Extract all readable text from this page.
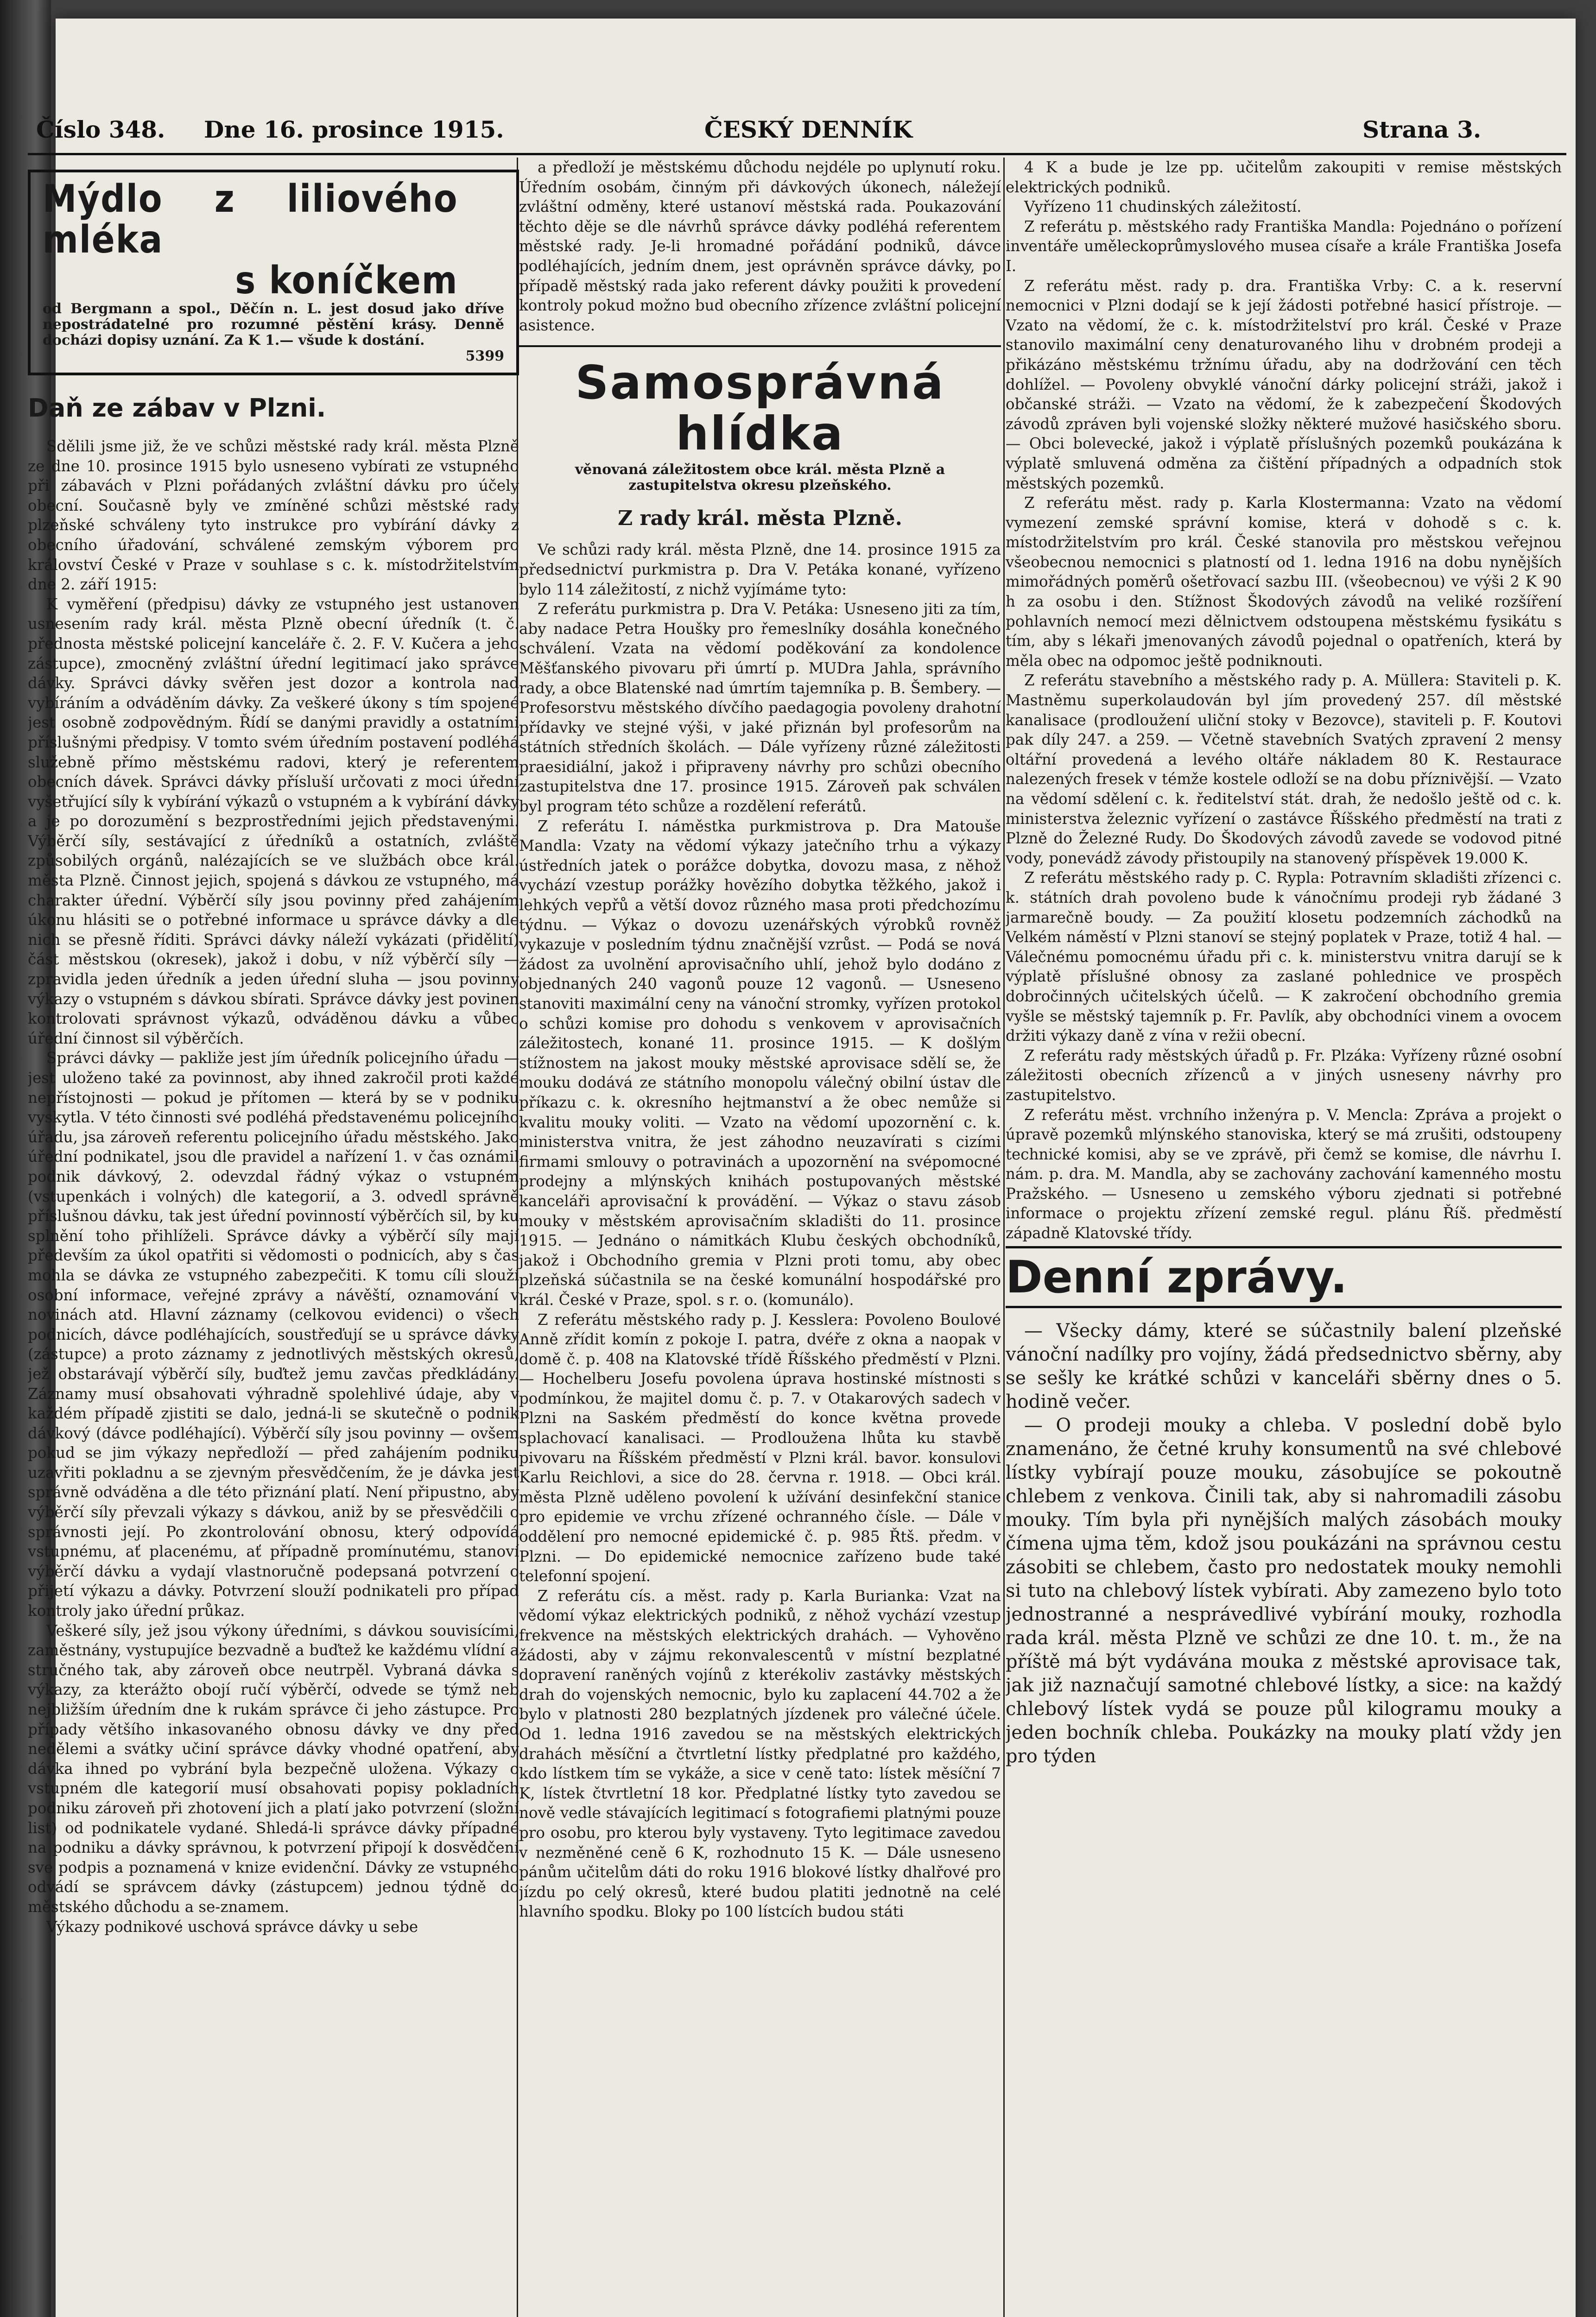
Číslo 348. Dne 16. prosince 1915.	ČESKÝ DENNÍK	Strana 3.
Mýdlo z liliového mléka
s koníčkem
od Bergmann a spol., Děčín n. L. jest dosud jako dříve nepostrádatelné pro rozumné pěstění krásy. Denně docházi dopisy uznání. Za K 1.— všude k dostání.
5399
Daň ze zábav v Plzni.

Sdělili jsme již, že ve schůzi městské rady král. města Plzně ze dne 10. prosince 1915 bylo usneseno vybírati ze vstupného při zábavách v Plzni pořádaných zvláštní dávku pro účely obecní. Současně byly ve zmíněné schůzi městské rady plzeňské schváleny tyto instrukce pro vybírání dávky z obecního úřadování, schválené zemským výborem pro království České v Praze v souhlase s c. k. místodržitelstvím dne 2. září 1915:

K vyměření (předpisu) dávky ze vstupného jest ustanoven usnesením rady král. města Plzně obecní úředník (t. č. přednosta městské policejní kanceláře č. 2. F. V. Kučera a jeho zástupce), zmocněný zvláštní úřední legitimací jako správce dávky. Správci dávky svěřen jest dozor a kontrola nad vybíráním a odváděním dávky. Za veškeré úkony s tím spojené jest osobně zodpovědným. Řídí se danými pravidly a ostatními příslušnými předpisy. V tomto svém úředním postavení podléhá služebně přímo městskému radovi, který je referentem obecních dávek. Správci dávky přísluší určovati z moci úřední vyšetřující síly k vybírání výkazů o vstupném a k vybírání dávky a je po dorozumění s bezprostředními jejich představenými. Výběrčí síly, sestávající z úředníků a ostatních, zvláště způsobilých orgánů, nalézajících se ve službách obce král. města Plzně. Činnost jejich, spojená s dávkou ze vstupného, má charakter úřední. Výběrčí síly jsou povinny před zahájením úkonu hlásiti se o potřebné informace u správce dávky a dle nich se přesně říditi. Správci dávky náleží vykázati (přidělití) část městskou (okresek), jakož i dobu, v níž výběrčí síly — zpravidla jeden úředník a jeden úřední sluha — jsou povinny výkazy o vstupném s dávkou sbírati. Správce dávky jest povinen kontrolovati správnost výkazů, odváděnou dávku a vůbec úřední činnost sil výběrčích.

Správci dávky — pakliže jest jím úředník policejního úřadu — jest uloženo také za povinnost, aby ihned zakročil proti každé nepřístojnosti — pokud je přítomen — která by se v podniku vyskytla. V této činnosti své podléhá představenému policejního úřadu, jsa zároveň referentu policejního úřadu městského. Jako úřední podnikatel, jsou dle pravidel a nařízení 1. v čas oznámil podnik dávkový, 2. odevzdal řádný výkaz o vstupném (vstupenkách i volných) dle kategorií, a 3. odvedl správně příslušnou dávku, tak jest úřední povinností výběrčích sil, by ku splnění toho přihlíželi. Správce dávky a výběrčí síly mají především za úkol opatřiti si vědomosti o podnicích, aby s čas mohla se dávka ze vstupného zabezpečiti. K tomu cíli slouží osobní informace, veřejné zprávy a návěští, oznamování v novinách atd. Hlavní záznamy (celkovou evidenci) o všech podnicích, dávce podléhajících, soustřeďují se u správce dávky (zástupce) a proto záznamy z jednotlivých městských okresů, jež obstarávají výběrčí síly, buďtež jemu zavčas předkládány. Záznamy musí obsahovati výhradně spolehlivé údaje, aby v každém případě zjistiti se dalo, jedná-li se skutečně o podnik dávkový (dávce podléhající). Výběrčí síly jsou povinny — ovšem pokud se jim výkazy nepředloží — před zahájením podniku uzavřiti pokladnu a se zjevným přesvědčením, že je dávka jest správně odváděna a dle této přiznání platí. Není připustno, aby výběrčí síly převzali výkazy s dávkou, aniž by se přesvědčili o správnosti její. Po zkontrolování obnosu, který odpovídá vstupnému, ať placenému, ať případně promínutému, stanoví výběrčí dávku a vydají vlastnoručně podepsaná potvrzení o přijetí výkazu a dávky. Potvrzení slouží podnikateli pro případ kontroly jako úřední průkaz.

Veškeré síly, jež jsou výkony úředními, s dávkou souvisícími, zaměstnány, vystupujíce bezvadně a buďtež ke každému vlídní a stručného tak, aby zároveň obce neutrpěl. Vybraná dávka s výkazy, za kterážto obojí ručí výběrčí, odvede se týmž neb nejbližším úředním dne k rukám správce či jeho zástupce. Pro případy většího inkasovaného obnosu dávky ve dny před nedělemi a svátky učiní správce dávky vhodné opatření, aby dávka ihned po vybrání byla bezpečně uložena. Výkazy o vstupném dle kategorií musí obsahovati popisy pokladních podniku zároveň při zhotovení jich a platí jako potvrzení (složní list) od podnikatele vydané. Shledá-li správce dávky případné na podniku a dávky správnou, k potvrzení připojí k dosvědčení sve podpis a poznamená v knize evidenční. Dávky ze vstupného odvádí se správcem dávky (zástupcem) jednou týdně do městského důchodu a se-znamem.

Výkazy podnikové uschová správce dávky u sebe

a předloží je městskému důchodu nejdéle po uplynutí roku. Úředním osobám, činným při dávkových úkonech, náležejí zvláštní odměny, které ustanoví městská rada. Poukazování těchto děje se dle návrhů správce dávky podléhá referentem městské rady. Je-li hromadné pořádání podniků, dávce podléhajících, jedním dnem, jest oprávněn správce dávky, po případě městský rada jako referent dávky použiti k provedení kontroly pokud možno bud obecního zřízence zvláštní policejní asistence.

Samosprávná hlídka
věnovaná záležitostem obce král. města Plzně a zastupitelstva okresu plzeňského.
Z rady král. města Plzně.

Ve schůzi rady král. města Plzně, dne 14. prosince 1915 za předsednictví purkmistra p. Dra V. Petáka konané, vyřízeno bylo 114 záležitostí, z nichž vyjímáme tyto:

Z referátu purkmistra p. Dra V. Petáka: Usneseno jiti za tím, aby nadace Petra Houšky pro řemeslníky dosáhla konečného schválení. Vzata na vědomí poděkování za kondolence Měšťanského pivovaru při úmrtí p. MUDra Jahla, správního rady, a obce Blatenské nad úmrtím tajemníka p. B. Šembery. — Profesorstvu městského dívčího paedagogia povoleny drahotní přídavky ve stejné výši, v jaké přiznán byl profesorům na státních středních školách. — Dále vyřízeny různé záležitosti praesidiální, jakož i připraveny návrhy pro schůzi obecního zastupitelstva dne 17. prosince 1915. Zároveň pak schválen byl program této schůze a rozdělení referátů.

Z referátu I. náměstka purkmistrova p. Dra Matouše Mandla: Vzaty na vědomí výkazy jatečního trhu a výkazy ústředních jatek o porážce dobytka, dovozu masa, z něhož vychází vzestup porážky hovězího dobytka těžkého, jakož i lehkých vepřů a větší dovoz různého masa proti předchozímu týdnu. — Výkaz o dovozu uzenářských výrobků rovněž vykazuje v posledním týdnu značnější vzrůst. — Podá se nová žádost za uvolnění aprovisačního uhlí, jehož bylo dodáno z objednaných 240 vagonů pouze 12 vagonů. — Usneseno stanoviti maximální ceny na vánoční stromky, vyřízen protokol o schůzi komise pro dohodu s venkovem v aprovisačních záležitostech, konané 11. prosince 1915. — K došlým stížnostem na jakost mouky městské aprovisace sdělí se, že mouku dodává ze státního monopolu válečný obilní ústav dle příkazu c. k. okresního hejtmanství a že obec nemůže si kvalitu mouky voliti. — Vzato na vědomí upozornění c. k. ministerstva vnitra, že jest záhodno neuzavírati s cizími firmami smlouvy o potravinách a upozornění na svépomocné prodejny a mlýnských knihách postupovaných městské kanceláři aprovisační k provádění. — Výkaz o stavu zásob mouky v městském aprovisačním skladišti do 11. prosince 1915. — Jednáno o námitkách Klubu českých obchodníků, jakož i Obchodního gremia v Plzni proti tomu, aby obec plzeňská súčastnila se na české komunální hospodářské pro král. České v Praze, spol. s r. o. (komunálo).

Z referátu městského rady p. J. Kesslera: Povoleno Boulové Anně zřídit komín z pokoje I. patra, dvéře z okna a naopak v domě č. p. 408 na Klatovské třídě Říšského předměstí v Plzni. — Hochelberu Josefu povolena úprava hostinské místnosti s podmínkou, že majitel domu č. p. 7. v Otakarových sadech v Plzni na Saském předměstí do konce května provede splachovací kanalisaci. — Prodloužena lhůta ku stavbě pivovaru na Říšském předměstí v Plzni král. bavor. konsulovi Karlu Reichlovi, a sice do 28. června r. 1918. — Obci král. města Plzně uděleno povolení k užívání desinfekční stanice pro epidemie ve vrchu zřízené ochranného čísle. — Dále v oddělení pro nemocné epidemické č. p. 985 Řtš. předm. v Plzni. — Do epidemické nemocnice zařízeno bude také telefonní spojení.

Z referátu cís. a měst. rady p. Karla Burianka: Vzat na vědomí výkaz elektrických podniků, z něhož vychází vzestup frekvence na městských elektrických drahách. — Vyhověno žádosti, aby v zájmu rekonvalescentů v místní bezplatné dopravení raněných vojínů z kterékoliv zastávky městských drah do vojenských nemocnic, bylo ku zaplacení 44.702 a že bylo v platnosti 280 bezplatných jízdenek pro válečné účele. Od 1. ledna 1916 zavedou se na městských elektrických drahách měsíční a čtvrtletní lístky předplatné pro každého, kdo lístkem tím se vykáže, a sice v ceně tato: lístek měsíční 7 K, lístek čtvrtletní 18 kor. Předplatné lístky tyto zavedou se nově vedle stávajících legitimací s fotografiemi platnými pouze pro osobu, pro kterou byly vystaveny. Tyto legitimace zavedou v nezměněné ceně 6 K, rozhodnuto 15 K. — Dále usneseno pánům učitelům dáti do roku 1916 blokové lístky dhalřové pro jízdu po celý okresů, které budou platiti jednotně na celé hlavního spodku. Bloky po 100 lístcích budou státi

4 K a bude je lze pp. učitelům zakoupiti v remise městských elektrických podniků.

Vyřízeno 11 chudinských záležitostí.

Z referátu p. městského rady Františka Mandla: Pojednáno o pořízení inventáře uměleckoprůmyslového musea císaře a krále Františka Josefa I.

Z referátu měst. rady p. dra. Františka Vrby: C. a k. reservní nemocnici v Plzni dodají se k její žádosti potřebné hasicí přístroje. — Vzato na vědomí, že c. k. místodržitelství pro král. České v Praze stanovilo maximální ceny denaturovaného lihu v drobném prodeji a přikázáno městskému tržnímu úřadu, aby na dodržování cen těch dohlížel. — Povoleny obvyklé vánoční dárky policejní stráži, jakož i občanské stráži. — Vzato na vědomí, že k zabezpečení Škodových závodů zpráven byli vojenské složky některé mužové hasičského sboru. — Obci bolevecké, jakož i výplatě příslušných pozemků poukázána k výplatě smluvená odměna za čištění případných a odpadních stok městských pozemků.

Z referátu měst. rady p. Karla Klostermanna: Vzato na vědomí vymezení zemské správní komise, která v dohodě s c. k. místodržitelstvím pro král. České stanovila pro městskou veřejnou všeobecnou nemocnici s platností od 1. ledna 1916 na dobu nynějších mimořádných poměrů ošetřovací sazbu III. (všeobecnou) ve výši 2 K 90 h za osobu i den. Stížnost Škodových závodů na veliké rozšíření pohlavních nemocí mezi dělnictvem odstoupena městskému fysikátu s tím, aby s lékaři jmenovaných závodů pojednal o opatřeních, která by měla obec na odpomoc ještě podniknouti.

Z referátu stavebního a městského rady p. A. Müllera: Staviteli p. K. Mastněmu superkolaudován byl jím provedený 257. díl městské kanalisace (prodloužení uliční stoky v Bezovce), staviteli p. F. Koutovi pak díly 247. a 259. — Včetně stavebních Svatých zpravení 2 mensy oltářní provedená a levého oltáře nákladem 80 K. Restaurace nalezených fresek v témže kostele odloží se na dobu příznivější. — Vzato na vědomí sdělení c. k. ředitelství stát. drah, že nedošlo ještě od c. k. ministerstva železnic vyřízení o zastávce Říšského předměstí na trati z Plzně do Železné Rudy. Do Škodových závodů zavede se vodovod pitné vody, ponevádž závody přistoupily na stanovený příspěvek 19.000 K.

Z referátu městského rady p. C. Rypla: Potravním skladišti zřízenci c. k. státních drah povoleno bude k vánočnímu prodeji ryb žádané 3 jarmarečně boudy. — Za použití klosetu podzemních záchodků na Velkém náměstí v Plzni stanoví se stejný poplatek v Praze, totiž 4 hal. — Válečnému pomocnému úřadu při c. k. ministerstvu vnitra darují se k výplatě příslušné obnosy za zaslané pohlednice ve prospěch dobročinných učitelských účelů. — K zakročení obchodního gremia vyšle se městský tajemník p. Fr. Pavlík, aby obchodníci vinem a ovocem držiti výkazy daně z vína v režii obecní.

Z referátu rady městských úřadů p. Fr. Plzáka: Vyřízeny různé osobní záležitosti obecních zřízenců a v jiných usneseny návrhy pro zastupitelstvo.

Z referátu měst. vrchního inženýra p. V. Mencla: Zpráva a projekt o úpravě pozemků mlýnského stanoviska, který se má zrušiti, odstoupeny technické komisi, aby se ve zprávě, při čemž se komise, dle návrhu I. nám. p. dra. M. Mandla, aby se zachovány zachování kamenného mostu Pražského. — Usneseno u zemského výboru zjednati si potřebné informace o projektu zřízení zemské regul. plánu Říš. předměstí západně Klatovské třídy.

Denní zprávy.

— Všecky dámy, které se súčastnily balení plzeňské vánoční nadílky pro vojíny, žádá předsednictvo sběrny, aby se sešly ke krátké schůzi v kanceláři sběrny dnes o 5. hodině večer.

— O prodeji mouky a chleba. V poslední době bylo znamenáno, že četné kruhy konsumentů na své chlebové lístky vybírají pouze mouku, zásobujíce se pokoutně chlebem z venkova. Činili tak, aby si nahromadili zásobu mouky. Tím byla při nynějších malých zásobách mouky čímena ujma těm, kdož jsou poukázáni na správnou cestu zásobiti se chlebem, často pro nedostatek mouky nemohli si tuto na chlebový lístek vybírati. Aby zamezeno bylo toto jednostranné a nesprávedlivé vybírání mouky, rozhodla rada král. města Plzně ve schůzi ze dne 10. t. m., že na příště má být vydávána mouka z městské aprovisace tak, jak již naznačují samotné chlebové lístky, a sice: na každý chlebový lístek vydá se pouze půl kilogramu mouky a jeden bochník chleba. Poukázky na mouky platí vždy jen pro týden
